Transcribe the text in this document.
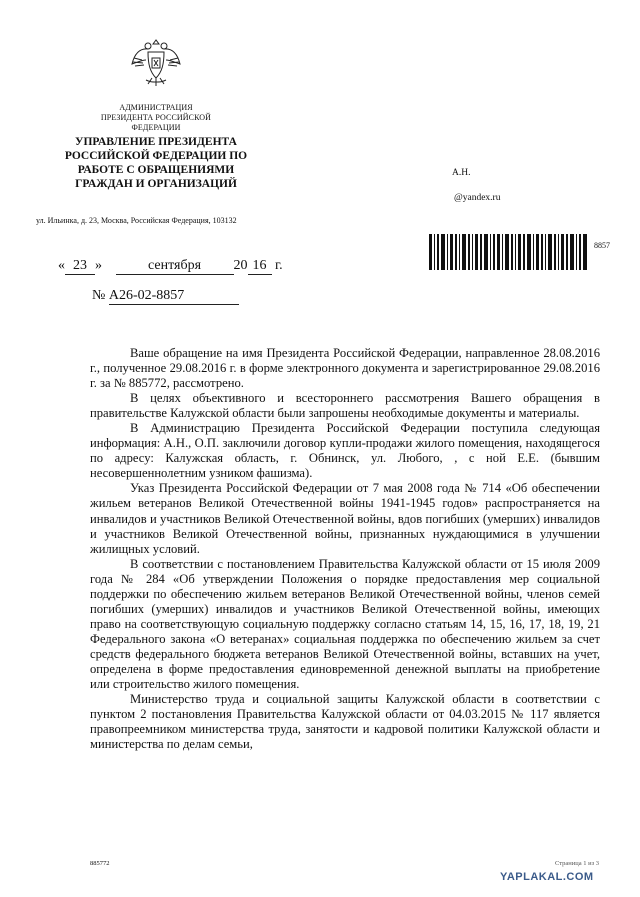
АДМИНИСТРАЦИЯ ПРЕЗИДЕНТА РОССИЙСКОЙ ФЕДЕРАЦИИ
УПРАВЛЕНИЕ ПРЕЗИДЕНТА РОССИЙСКОЙ ФЕДЕРАЦИИ ПО РАБОТЕ С ОБРАЩЕНИЯМИ ГРАЖДАН И ОРГАНИЗАЦИЙ
ул. Ильинка, д. 23, Москва, Российская Федерация, 103132
А.Н.
@yandex.ru
8857
« 23 »	сентября 20 16 г.
№ А26-02-8857

Ваше обращение на имя Президента Российской Федерации, направленное 28.08.2016 г., полученное 29.08.2016 г. в форме электронного документа и зарегистрированное 29.08.2016 г. за № 885772, рассмотрено.

В целях объективного и всестороннего рассмотрения Вашего обращения в правительстве Калужской области были запрошены необходимые документы и материалы.

В Администрацию Президента Российской Федерации поступила следующая информация: А.Н., О.П. заключили договор купли-продажи жилого помещения, находящегося по адресу: Калужская область, г. Обнинск, ул. Любого, , с ной Е.Е. (бывшим несовершеннолетним узником фашизма).

Указ Президента Российской Федерации от 7 мая 2008 года № 714 «Об обеспечении жильем ветеранов Великой Отечественной войны 1941-1945 годов» распространяется на инвалидов и участников Великой Отечественной войны, вдов погибших (умерших) инвалидов и участников Великой Отечественной войны, признанных нуждающимися в улучшении жилищных условий.

В соответствии с постановлением Правительства Калужской области от 15 июля 2009 года № 284 «Об утверждении Положения о порядке предоставления мер социальной поддержки по обеспечению жильем ветеранов Великой Отечественной войны, членов семей погибших (умерших) инвалидов и участников Великой Отечественной войны, имеющих право на соответствующую социальную поддержку согласно статьям 14, 15, 16, 17, 18, 19, 21 Федерального закона «О ветеранах» социальная поддержка по обеспечению жильем за счет средств федерального бюджета ветеранов Великой Отечественной войны, вставших на учет, определена в форме предоставления единовременной денежной выплаты на приобретение или строительство жилого помещения.

Министерство труда и социальной защиты Калужской области в соответствии с пунктом 2 постановления Правительства Калужской области от 04.03.2015 № 117 является правопреемником министерства труда, занятости и кадровой политики Калужской области и министерства по делам семьи,

885772	Страница 1 из 3
YAPLAKAL.COM
